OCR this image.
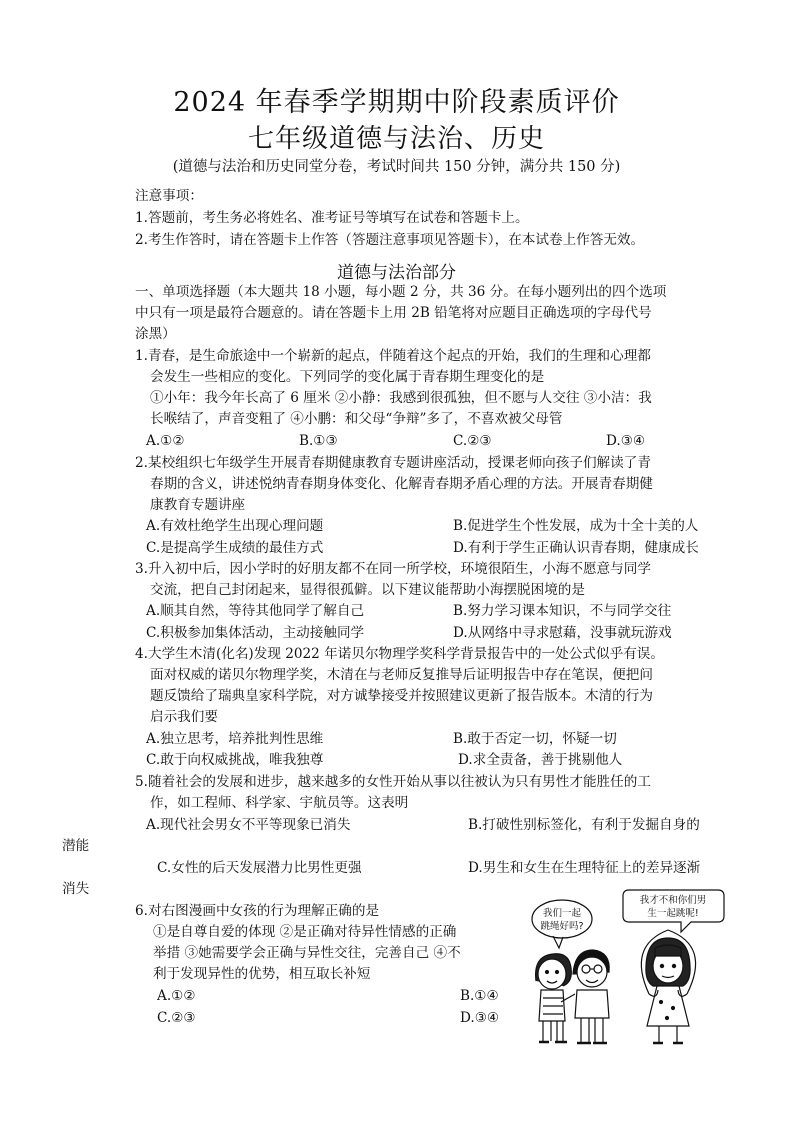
2024 年春季学期期中阶段素质评价
七年级道德与法治、历史
(道德与法治和历史同堂分卷，考试时间共 150 分钟，满分共 150 分)
注意事项：
1.答题前，考生务必将姓名、准考证号等填写在试卷和答题卡上。
2.考生作答时，请在答题卡上作答（答题注意事项见答题卡），在本试卷上作答无效。
道德与法治部分
一、单项选择题（本大题共 18 小题，每小题 2 分，共 36 分。在每小题列出的四个选项
中只有一项是最符合题意的。请在答题卡上用 2B 铅笔将对应题目正确选项的字母代号
涂黑）
1.青春，是生命旅途中一个崭新的起点，伴随着这个起点的开始，我们的生理和心理都
会发生一些相应的变化。下列同学的变化属于青春期生理变化的是
①小年：我今年长高了 6 厘米 ②小静：我感到很孤独，但不愿与人交往 ③小洁：我
长喉结了，声音变粗了 ④小鹏：和父母“争辩”多了，不喜欢被父母管
A.①②	B.①③	C.②③	D.③④
2.某校组织七年级学生开展青春期健康教育专题讲座活动，授课老师向孩子们解读了青
春期的含义，讲述悦纳青春期身体变化、化解青春期矛盾心理的方法。开展青春期健
康教育专题讲座
A.有效杜绝学生出现心理问题	B.促进学生个性发展，成为十全十美的人
C.是提高学生成绩的最佳方式	D.有利于学生正确认识青春期，健康成长
3.升入初中后，因小学时的好朋友都不在同一所学校，环境很陌生，小海不愿意与同学
交流，把自己封闭起来，显得很孤僻。以下建议能帮助小海摆脱困境的是
A.顺其自然，等待其他同学了解自己	B.努力学习课本知识，不与同学交往
C.积极参加集体活动，主动接触同学	D.从网络中寻求慰藉，没事就玩游戏
4.大学生木清(化名)发现 2022 年诺贝尔物理学奖科学背景报告中的一处公式似乎有误。
面对权威的诺贝尔物理学奖，木清在与老师反复推导后证明报告中存在笔误，便把问
题反馈给了瑞典皇家科学院，对方诚挚接受并按照建议更新了报告版本。木清的行为
启示我们要
A.独立思考，培养批判性思维	B.敢于否定一切，怀疑一切
C.敢于向权威挑战，唯我独尊	D.求全责备，善于挑剔他人
5.随着社会的发展和进步，越来越多的女性开始从事以往被认为只有男性才能胜任的工
作，如工程师、科学家、宇航员等。这表明
A.现代社会男女不平等现象已消失	B.打破性别标签化，有利于发掘自身的
潜能
C.女性的后天发展潜力比男性更强	D.男生和女生在生理特征上的差异逐渐
消失
6.对右图漫画中女孩的行为理解正确的是
①是自尊自爱的体现 ②是正确对待异性情感的正确
举措 ③她需要学会正确与异性交往，完善自己 ④不
利于发现异性的优势，相互取长补短
A.①②	B.①④
C.②③	D.③④
我们一起
跳绳好吗?
我才不和你们男
生一起跳呢!
